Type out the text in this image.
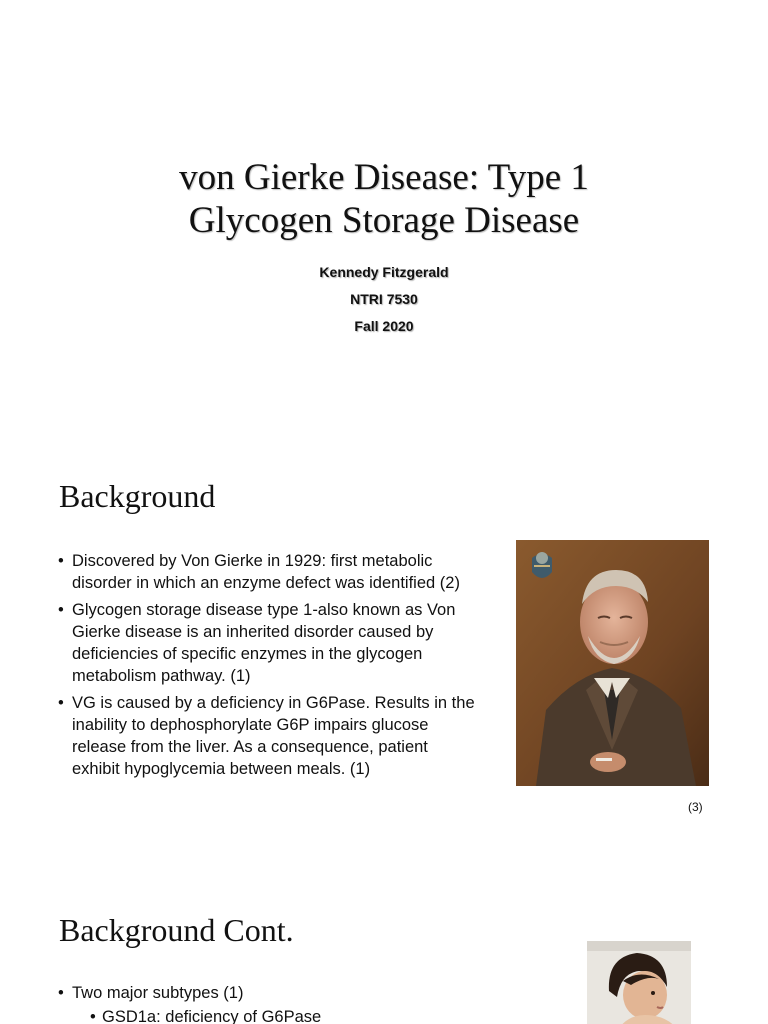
von Gierke Disease: Type 1
Glycogen Storage Disease
Kennedy Fitzgerald
NTRI 7530
Fall 2020
Background
• Discovered by Von Gierke in 1929: first metabolic disorder in which an enzyme defect was identified (2)
• Glycogen storage disease type 1-also known as Von Gierke disease is an inherited disorder caused by deficiencies of specific enzymes in the glycogen metabolism pathway. (1)
• VG is caused by a deficiency in G6Pase. Results in the inability to dephosphorylate G6P impairs glucose release from the liver. As a consequence, patient exhibit hypoglycemia between meals. (1)
(3)
Background Cont.
• Two major subtypes (1)
• GSD1a: deficiency of G6Pase
